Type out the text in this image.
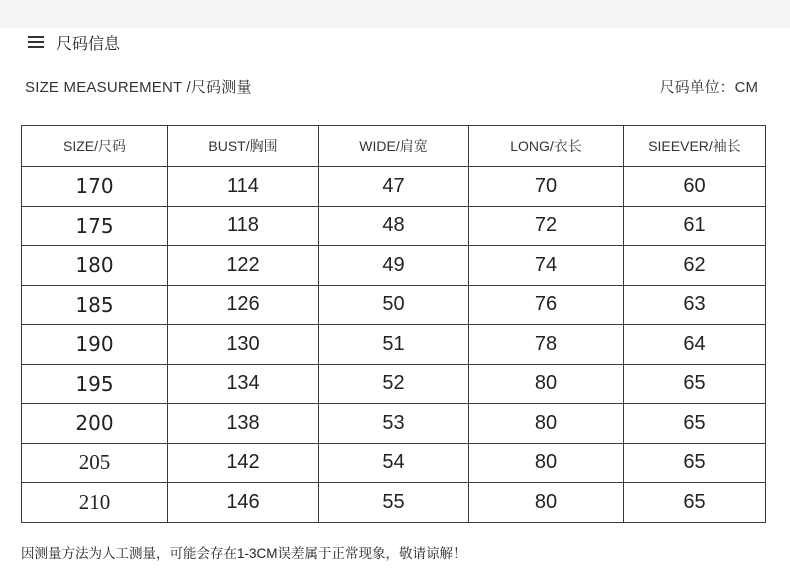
尺码信息
SIZE MEASUREMENT /尺码测量	尺码单位：CM
SIZE/尺码	BUST/胸围	WIDE/肩宽	LONG/衣长	SIEEVER/袖长
170	114	47	70	60
175	118	48	72	61
180	122	49	74	62
185	126	50	76	63
190	130	51	78	64
195	134	52	80	65
200	138	53	80	65
205	142	54	80	65
210	146	55	80	65
因测量方法为人工测量，可能会存在1-3CM误差属于正常现象，敬请谅解！
